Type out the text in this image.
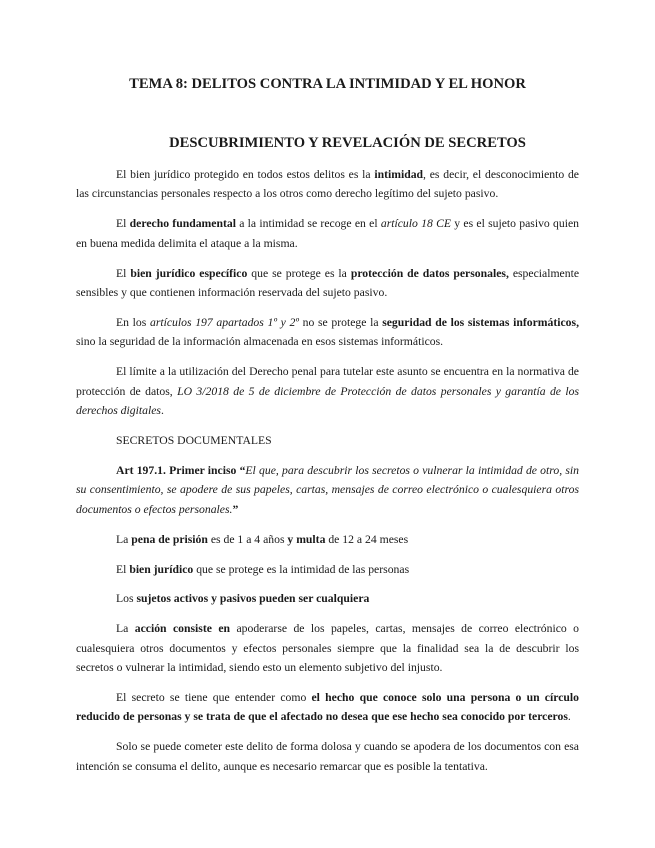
TEMA 8: DELITOS CONTRA LA INTIMIDAD Y EL HONOR
DESCUBRIMIENTO Y REVELACIÓN DE SECRETOS

El bien jurídico protegido en todos estos delitos es la intimidad, es decir, el desconocimiento de las circunstancias personales respecto a los otros como derecho legítimo del sujeto pasivo.

El derecho fundamental a la intimidad se recoge en el artículo 18 CE y es el sujeto pasivo quien en buena medida delimita el ataque a la misma.

El bien jurídico específico que se protege es la protección de datos personales, especialmente sensibles y que contienen información reservada del sujeto pasivo.

En los artículos 197 apartados 1º y 2º no se protege la seguridad de los sistemas informáticos, sino la seguridad de la información almacenada en esos sistemas informáticos.

El límite a la utilización del Derecho penal para tutelar este asunto se encuentra en la normativa de protección de datos, LO 3/2018 de 5 de diciembre de Protección de datos personales y garantía de los derechos digitales.

SECRETOS DOCUMENTALES

Art 197.1. Primer inciso “El que, para descubrir los secretos o vulnerar la intimidad de otro, sin su consentimiento, se apodere de sus papeles, cartas, mensajes de correo electrónico o cualesquiera otros documentos o efectos personales.”

La pena de prisión es de 1 a 4 años y multa de 12 a 24 meses

El bien jurídico que se protege es la intimidad de las personas

Los sujetos activos y pasivos pueden ser cualquiera

La acción consiste en apoderarse de los papeles, cartas, mensajes de correo electrónico o cualesquiera otros documentos y efectos personales siempre que la finalidad sea la de descubrir los secretos o vulnerar la intimidad, siendo esto un elemento subjetivo del injusto.

El secreto se tiene que entender como el hecho que conoce solo una persona o un círculo reducido de personas y se trata de que el afectado no desea que ese hecho sea conocido por terceros.

Solo se puede cometer este delito de forma dolosa y cuando se apodera de los documentos con esa intención se consuma el delito, aunque es necesario remarcar que es posible la tentativa.
